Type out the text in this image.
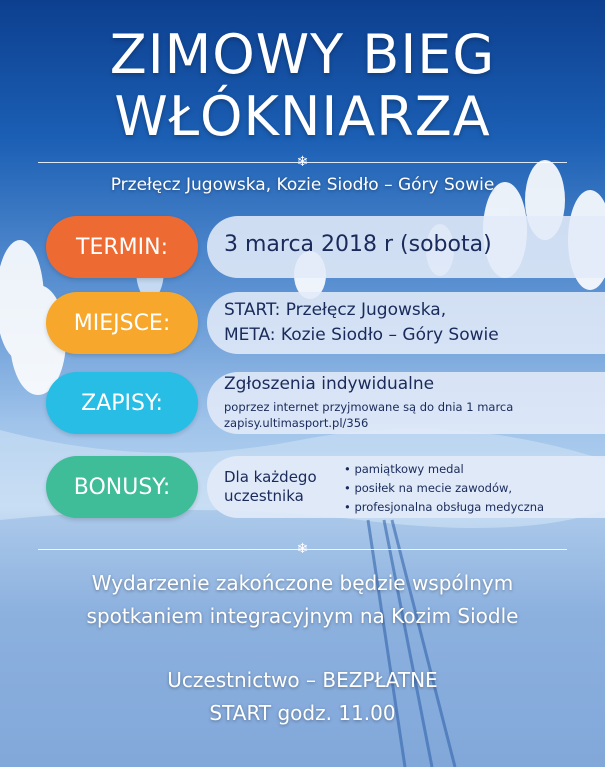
ZIMOWY BIEG
WŁÓKNIARZA
❄
Przełęcz Jugowska, Kozie Siodło – Góry Sowie
TERMIN:	3 marca 2018 r (sobota)
MIEJSCE:
START: Przełęcz Jugowska,
META: Kozie Siodło – Góry Sowie
ZAPISY:
Zgłoszenia indywidualne
poprzez internet przyjmowane są do dnia 1 marca
zapisy.ultimasport.pl/356
BONUSY:	Dla każdego
uczestnika
• pamiątkowy medal
• posiłek na mecie zawodów,
• profesjonalna obsługa medyczna
❄
Wydarzenie zakończone będzie wspólnym
spotkaniem integracyjnym na Kozim Siodle
Uczestnictwo – BEZPŁATNE
START godz. 11.00
